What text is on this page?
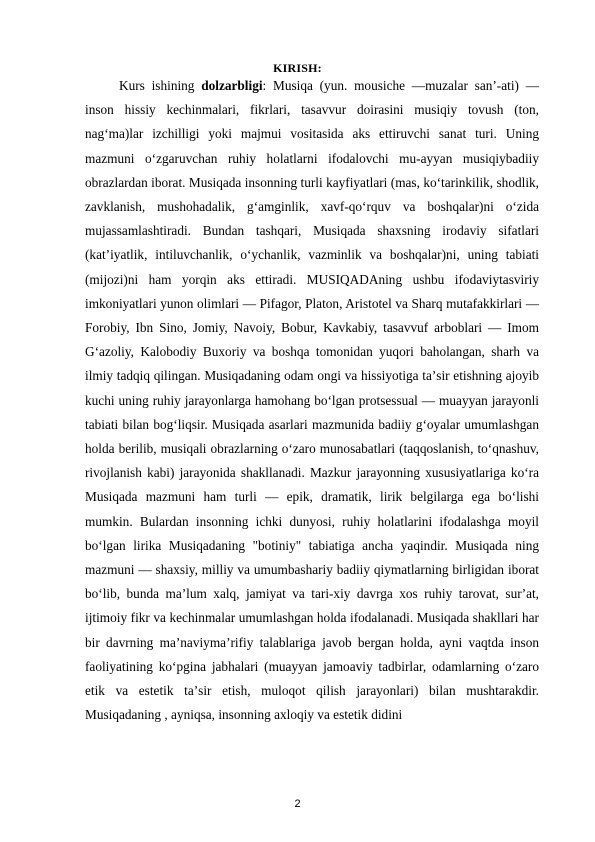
KIRISH:

Kurs ishining dolzarbligi: Musiqa (yun. mousiche —muzalar sanʼ-ati) — inson hissiy kechinmalari, fikrlari, tasavvur doirasini musiqiy tovush (ton, nagʻma)lar izchilligi yoki majmui vositasida aks ettiruvchi sanat turi. Uning mazmuni oʻzgaruvchan ruhiy holatlarni ifodalovchi mu-ayyan musiqiybadiiy obrazlardan iborat. Musiqada insonning turli kayfiyatlari (mas, koʻtarinkilik, shodlik, zavklanish, mushohadalik, gʻamginlik, xavf-qoʻrquv va boshqalar)ni oʻzida mujassamlashtiradi. Bundan tashqari, Musiqada shaxsning irodaviy sifatlari (katʼiyatlik, intiluvchanlik, oʻychanlik, vazminlik va boshqalar)ni, uning tabiati (mijozi)ni ham yorqin aks ettiradi. MUSIQADAning ushbu ifodaviytasviriy imkoniyatlari yunon olimlari — Pifagor, Platon, Aristotel va Sharq mutafakkirlari — Forobiy, Ibn Sino, Jomiy, Navoiy, Bobur, Kavkabiy, tasavvuf arboblari — Imom Gʻazoliy, Kalobodiy Buxoriy va boshqa tomonidan yuqori baholangan, sharh va ilmiy tadqiq qilingan. Musiqadaning odam ongi va hissiyotiga taʼsir etishning ajoyib kuchi uning ruhiy jarayonlarga hamohang boʻlgan protsessual — muayyan jarayonli tabiati bilan bogʻliqsir. Musiqada asarlari mazmunida badiiy gʻoyalar umumlashgan holda berilib, musiqali obrazlarning oʻzaro munosabatlari (taqqoslanish, toʻqnashuv, rivojlanish kabi) jarayonida shakllanadi. Mazkur jarayonning xususiyatlariga koʻra Musiqada mazmuni ham turli — epik, dramatik, lirik belgilarga ega boʻlishi mumkin. Bulardan insonning ichki dunyosi, ruhiy holatlarini ifodalashga moyil boʻlgan lirika Musiqadaning "botiniy" tabiatiga ancha yaqindir. Musiqada ning mazmuni — shaxsiy, milliy va umumbashariy badiiy qiymatlarning birligidan iborat boʻlib, bunda maʼlum xalq, jamiyat va tari-xiy davrga xos ruhiy tarovat, surʼat, ijtimoiy fikr va kechinmalar umumlashgan holda ifodalanadi. Musiqada shakllari har bir davrning maʼnaviymaʼrifiy talablariga javob bergan holda, ayni vaqtda inson faoliyatining koʻpgina jabhalari (muayyan jamoaviy tadbirlar, odamlarning oʻzaro etik va estetik taʼsir etish, muloqot qilish jarayonlari) bilan mushtarakdir. Musiqadaning , ayniqsa, insonning axloqiy va estetik didini

2
